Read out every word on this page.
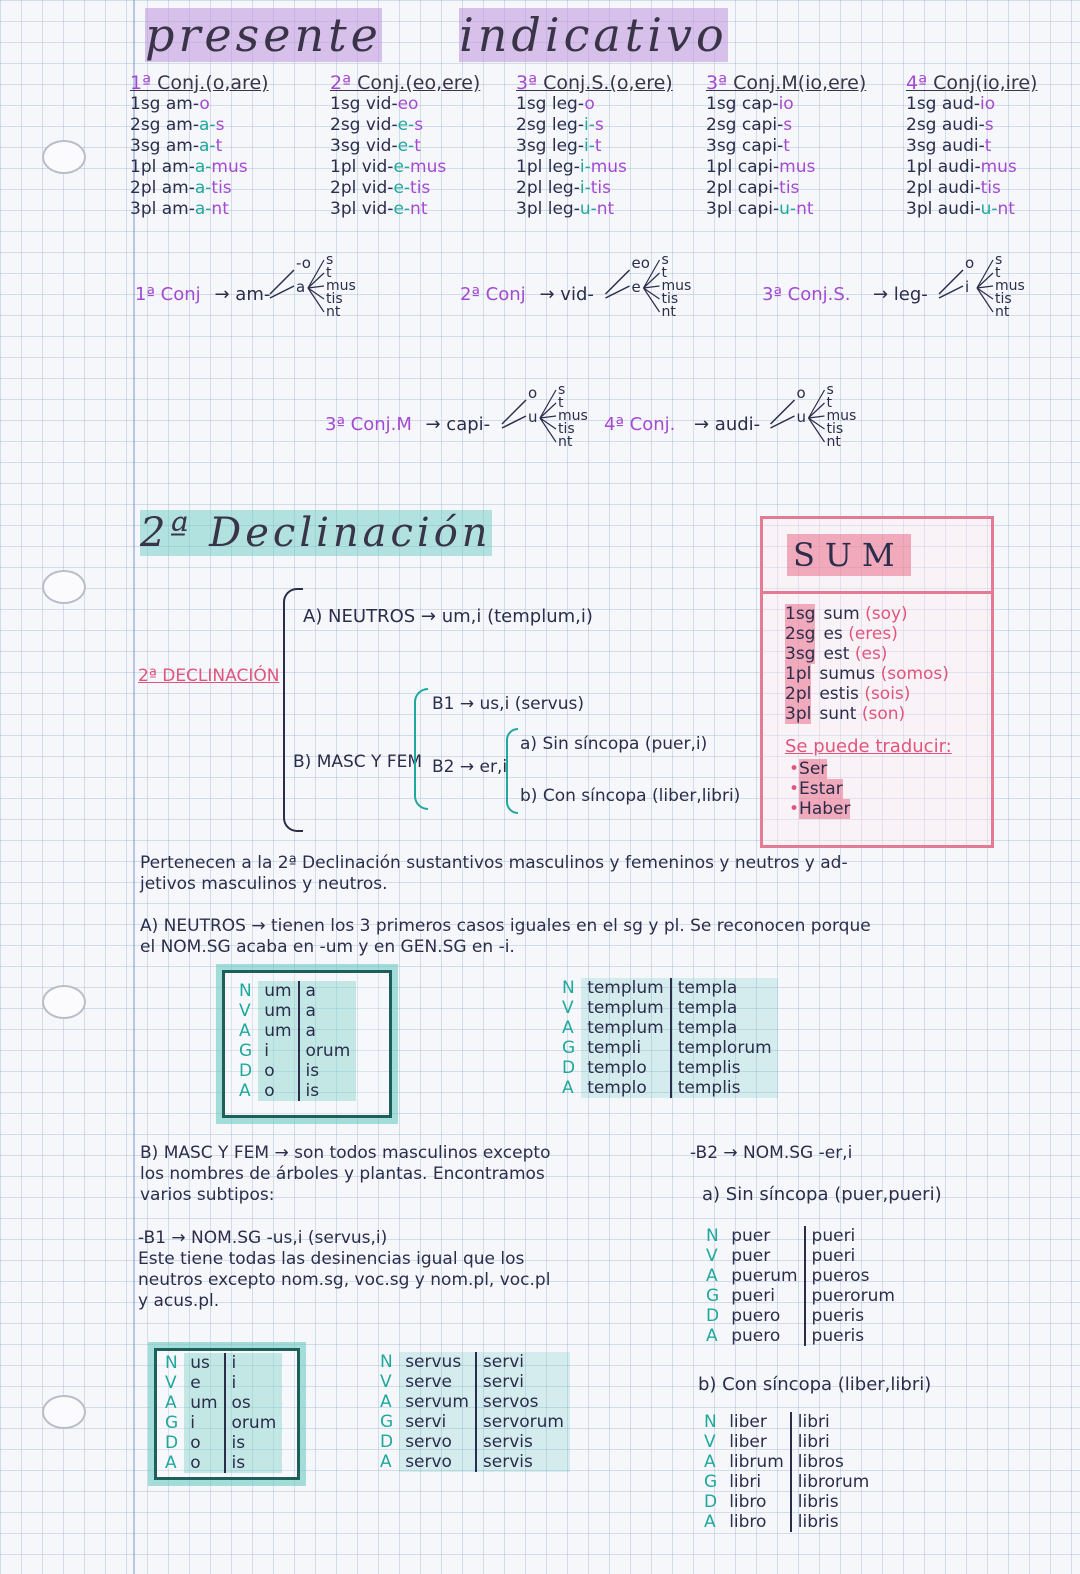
presente indicativo
1ª Conj.(o,are)
1sg am-o
2sg am-a-s
3sg am-a-t
1pl am-a-mus
2pl am-a-tis
3pl am-a-nt
2ª Conj.(eo,ere)
1sg vid-eo
2sg vid-e-s
3sg vid-e-t
1pl vid-e-mus
2pl vid-e-tis
3pl vid-e-nt
3ª Conj.S.(o,ere)
1sg leg-o
2sg leg-i-s
3sg leg-i-t
1pl leg-i-mus
2pl leg-i-tis
3pl leg-u-nt
3ª Conj.M(io,ere)
1sg cap-io
2sg capi-s
3sg capi-t
1pl capi-mus
2pl capi-tis
3pl capi-u-nt
4ª Conj(io,ire)
1sg aud-io
2sg audi-s
3sg audi-t
1pl audi-mus
2pl audi-tis
3pl audi-u-nt
1ª Conj → am-
-o
a
s
t
mus
tis
nt
2ª Conj → vid-
eo
e
s
t
mus
tis
nt
3ª Conj.S. → leg-
o
i
s
t
mus
tis
nt
3ª Conj.M → capi-
o
u
s
t
mus
tis
nt
4ª Conj. → audi-
o
u
s
t
mus
tis
nt
2ª Declinación
2ª DECLINACIÓN
A) NEUTROS → um,i (templum,i)
B) MASC Y FEM
B1 → us,i (servus)
B2 → er,i
a) Sin síncopa (puer,i)
b) Con síncopa (liber,libri)
SUM
1sg sum (soy)
2sg es (eres)
3sg est (es)
1pl sumus (somos)
2pl estis (sois)
3pl sunt (son)
Se puede traducir:
•Ser
•Estar
•Haber
Pertenecen a la 2ª Declinación sustantivos masculinos y femeninos y neutros y ad-
jetivos masculinos y neutros.
A) NEUTROS → tienen los 3 primeros casos iguales en el sg y pl. Se reconocen porque
el NOM.SG acaba en -um y en GEN.SG en -i.
N	um	a
V	um	a
A	um	a
G	i	orum
D	o	is
A	o	is
N	templum	templa
V	templum	templa
A	templum	templa
G	templi	templorum
D	templo	templis
A	templo	templis
B) MASC Y FEM → son todos masculinos excepto
los nombres de árboles y plantas. Encontramos
varios subtipos:
-B1 → NOM.SG -us,i (servus,i)
Este tiene todas las desinencias igual que los
neutros excepto nom.sg, voc.sg y nom.pl, voc.pl
y acus.pl.
N	us	i
V	e	i
A	um	os
G	i	orum
D	o	is
A	o	is
N	servus	servi
V	serve	servi
A	servum	servos
G	servi	servorum
D	servo	servis
A	servo	servis
-B2 → NOM.SG -er,i
a) Sin síncopa (puer,pueri)
N	puer	pueri
V	puer	pueri
A	puerum	pueros
G	pueri	puerorum
D	puero	pueris
A	puero	pueris
b) Con síncopa (liber,libri)
N	liber	libri
V	liber	libri
A	librum	libros
G	libri	librorum
D	libro	libris
A	libro	libris
